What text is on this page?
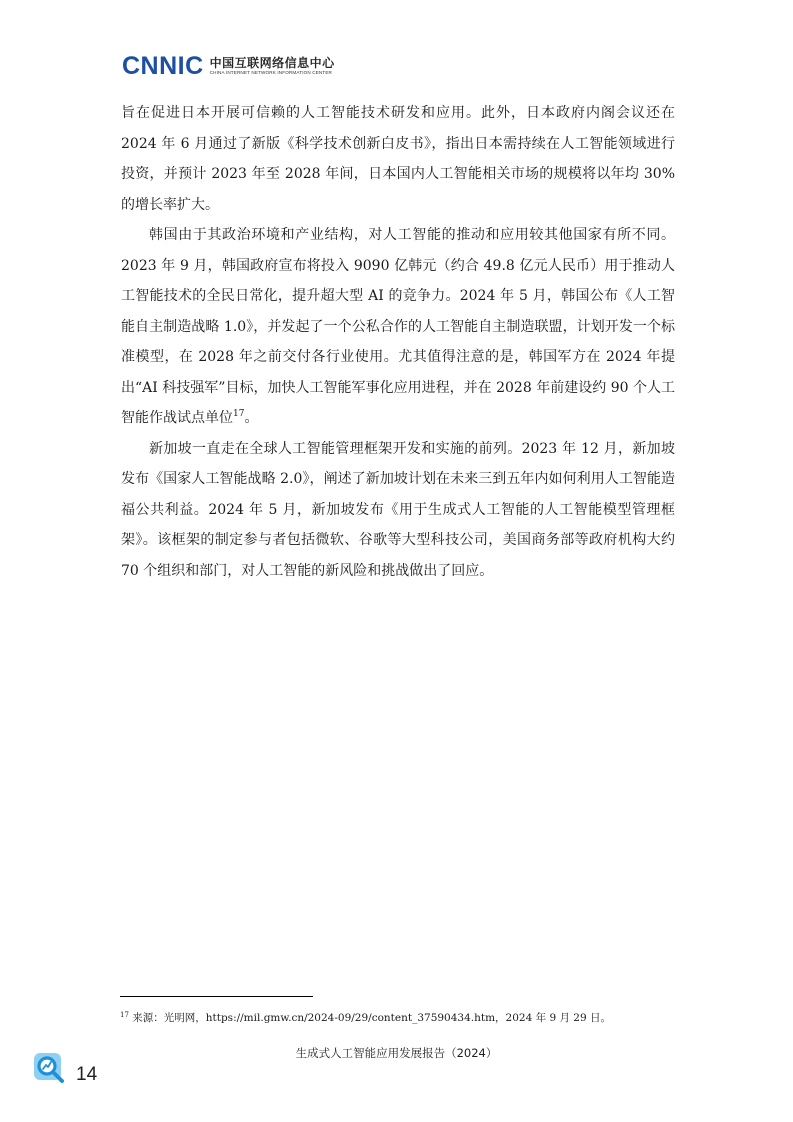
CNNIC 中国互联网络信息中心
CHINA INTERNET NETWORK INFORMATION CENTER

旨在促进日本开展可信赖的人工智能技术研发和应用。此外，日本政府内阁会议还在 2024 年 6 月通过了新版《科学技术创新白皮书》，指出日本需持续在人工智能领域进行投资，并预计 2023 年至 2028 年间，日本国内人工智能相关市场的规模将以年均 30%的增长率扩大。

韩国由于其政治环境和产业结构，对人工智能的推动和应用较其他国家有所不同。2023 年 9 月，韩国政府宣布将投入 9090 亿韩元（约合 49.8 亿元人民币）用于推动人工智能技术的全民日常化，提升超大型 AI 的竞争力。2024 年 5 月，韩国公布《人工智能自主制造战略 1.0》，并发起了一个公私合作的人工智能自主制造联盟，计划开发一个标准模型，在 2028 年之前交付各行业使用。尤其值得注意的是，韩国军方在 2024 年提出“AI 科技强军”目标，加快人工智能军事化应用进程，并在 2028 年前建设约 90 个人工智能作战试点单位$^{17}$。

新加坡一直走在全球人工智能管理框架开发和实施的前列。2023 年 12 月，新加坡发布《国家人工智能战略 2.0》，阐述了新加坡计划在未来三到五年内如何利用人工智能造福公共利益。2024 年 5 月，新加坡发布《用于生成式人工智能的人工智能模型管理框架》。该框架的制定参与者包括微软、谷歌等大型科技公司，美国商务部等政府机构大约 70 个组织和部门，对人工智能的新风险和挑战做出了回应。

$^{17}$ 来源：光明网，https://mil.gmw.cn/2024-09/29/content_37590434.htm，2024 年 9 月 29 日。
生成式人工智能应用发展报告（2024）
14
